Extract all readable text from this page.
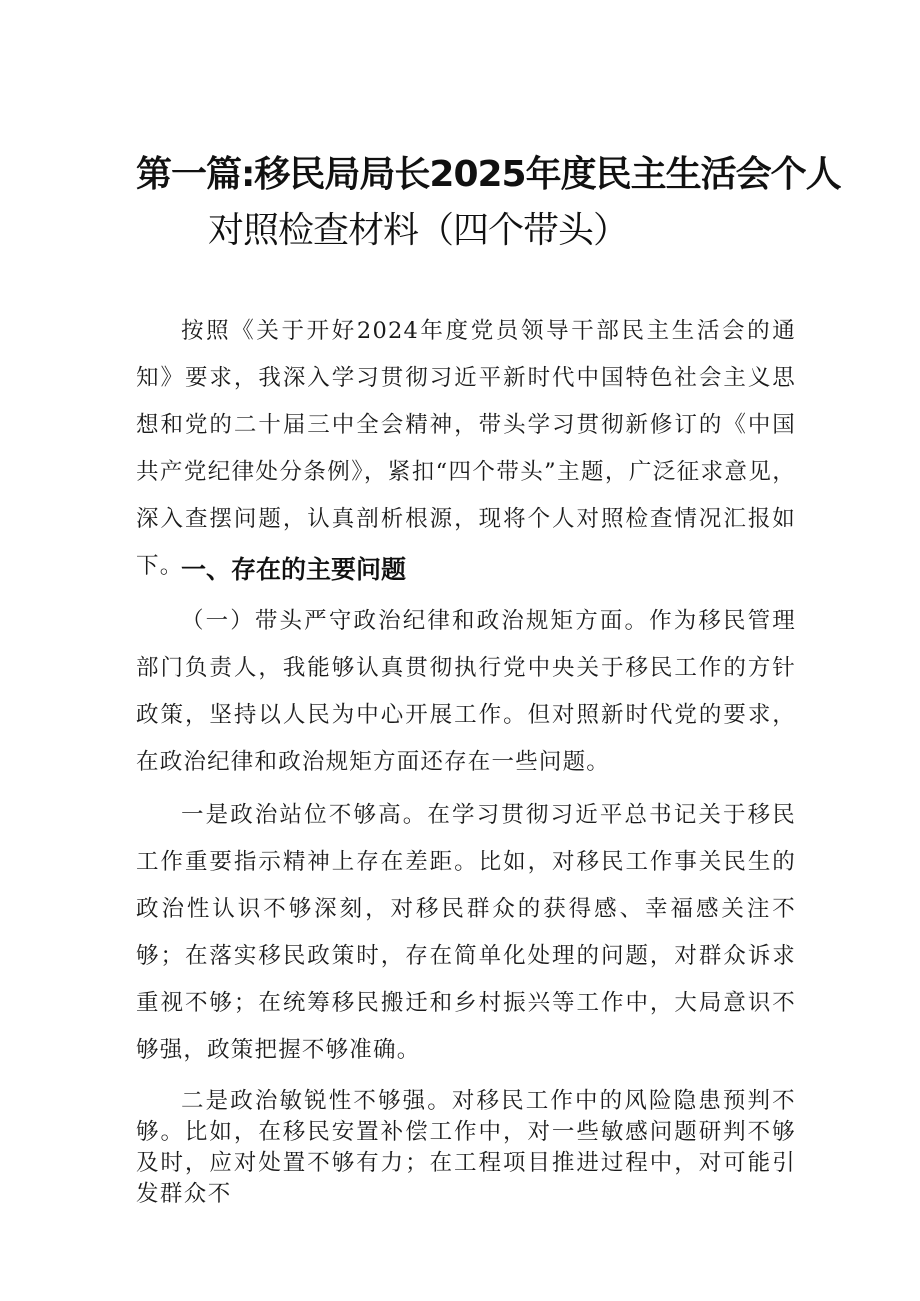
第一篇:移民局局长2025年度民主生活会个人
对照检查材料（四个带头）

按照《关于开好2024年度党员领导干部民主生活会的通知》要求，我深入学习贯彻习近平新时代中国特色社会主义思想和党的二十届三中全会精神，带头学习贯彻新修订的《中国共产党纪律处分条例》，紧扣“四个带头”主题，广泛征求意见，深入查摆问题，认真剖析根源，现将个人对照检查情况汇报如下。

一、存在的主要问题

（一）带头严守政治纪律和政治规矩方面。作为移民管理部门负责人，我能够认真贯彻执行党中央关于移民工作的方针政策，坚持以人民为中心开展工作。但对照新时代党的要求，在政治纪律和政治规矩方面还存在一些问题。

一是政治站位不够高。在学习贯彻习近平总书记关于移民工作重要指示精神上存在差距。比如，对移民工作事关民生的政治性认识不够深刻，对移民群众的获得感、幸福感关注不够；在落实移民政策时，存在简单化处理的问题，对群众诉求重视不够；在统筹移民搬迁和乡村振兴等工作中，大局意识不够强，政策把握不够准确。

二是政治敏锐性不够强。对移民工作中的风险隐患预判不够。比如，在移民安置补偿工作中，对一些敏感问题研判不够及时，应对处置不够有力；在工程项目推进过程中，对可能引发群众不
